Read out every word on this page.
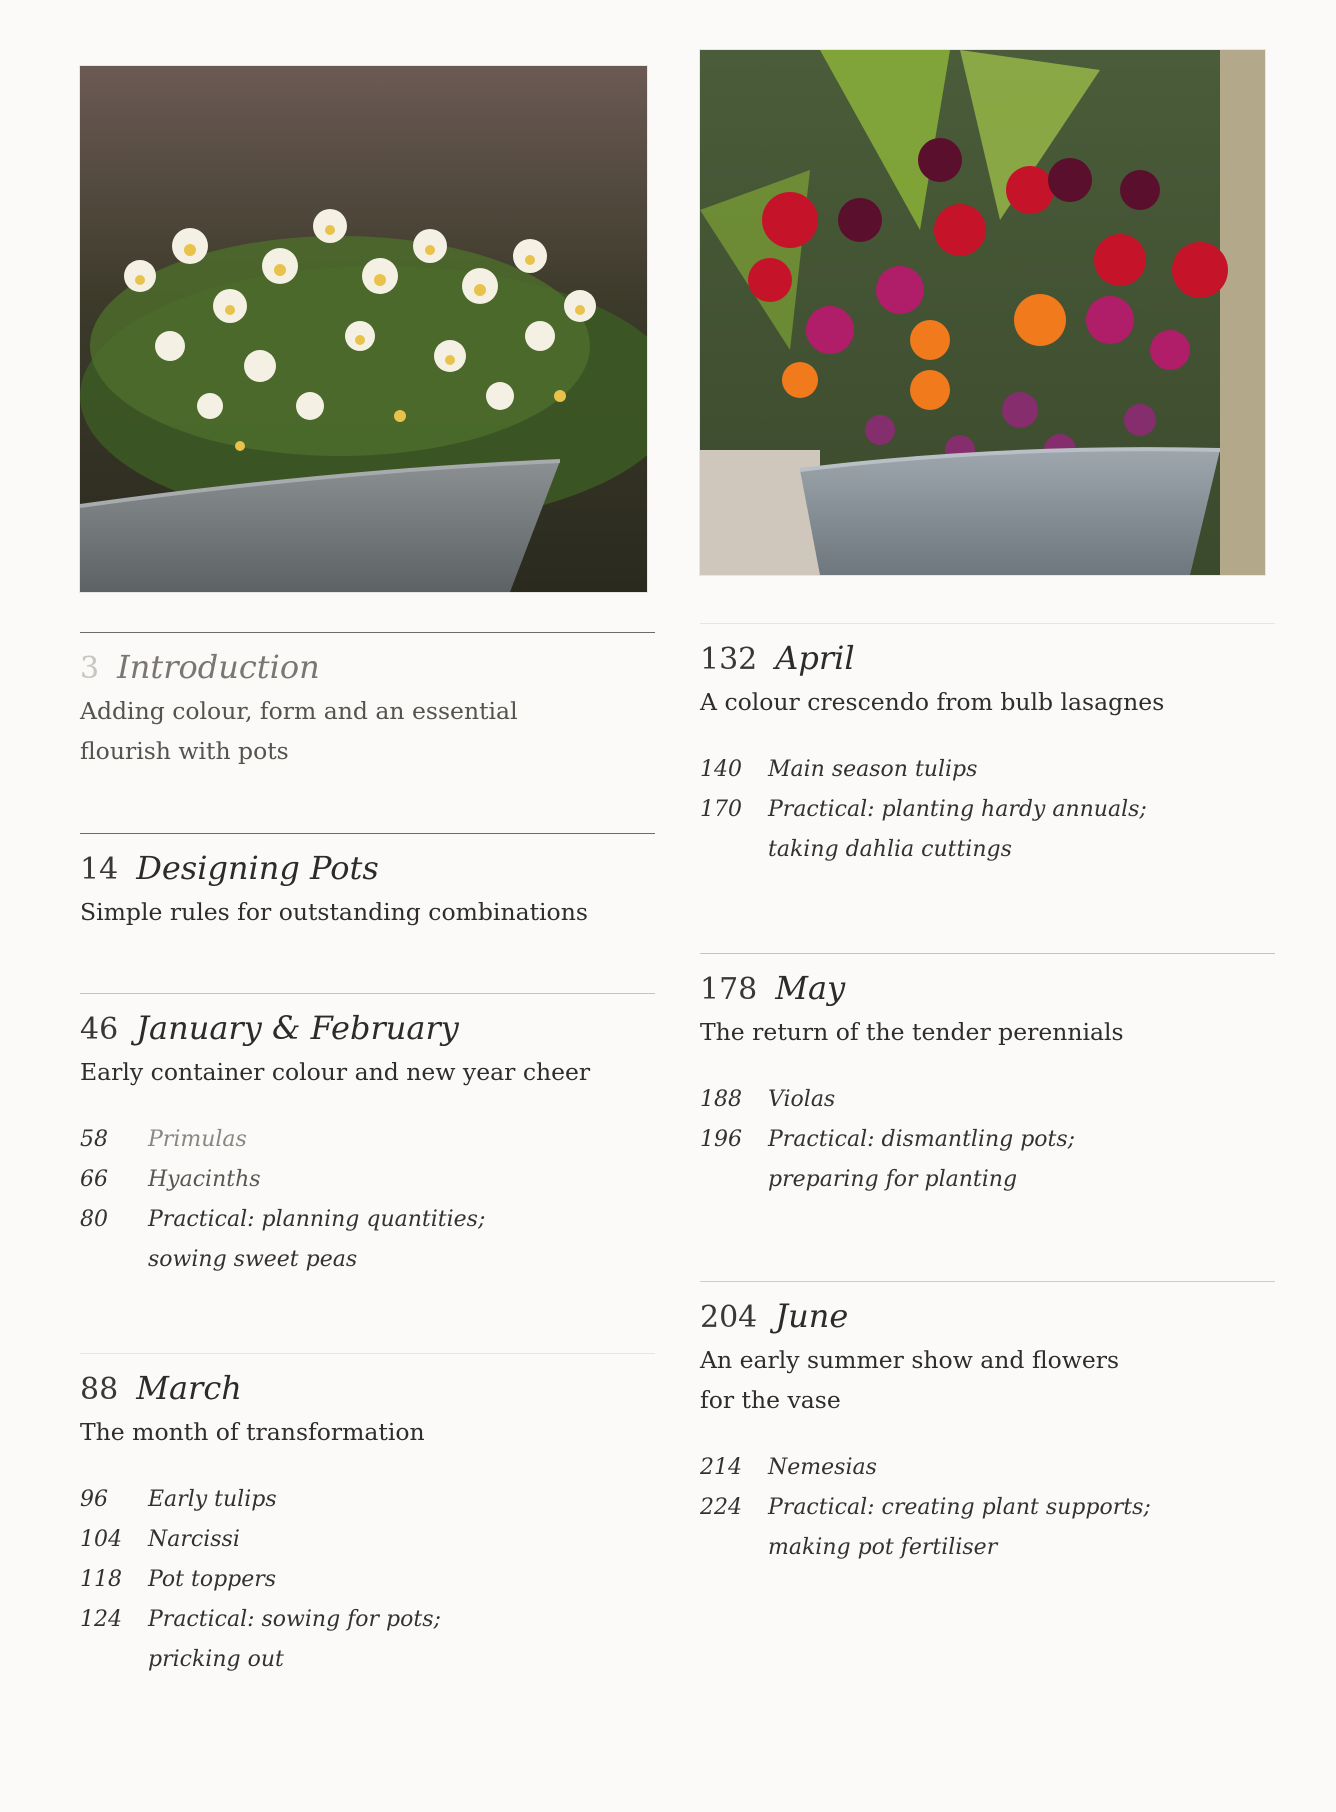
3 Introduction
Adding colour, form and an essential
flourish with pots
14 Designing Pots
Simple rules for outstanding combinations
46 January & February
Early container colour and new year cheer
58	Primulas
66	Hyacinths
80	Practical: planning quantities;
sowing sweet peas
88 March
The month of transformation
96	Early tulips
104	Narcissi
118	Pot toppers
124	Practical: sowing for pots;
pricking out
132 April
A colour crescendo from bulb lasagnes
140	Main season tulips
170	Practical: planting hardy annuals;
taking dahlia cuttings
178 May
The return of the tender perennials
188	Violas
196	Practical: dismantling pots;
preparing for planting
204 June
An early summer show and flowers
for the vase
214	Nemesias
224	Practical: creating plant supports;
making pot fertiliser
